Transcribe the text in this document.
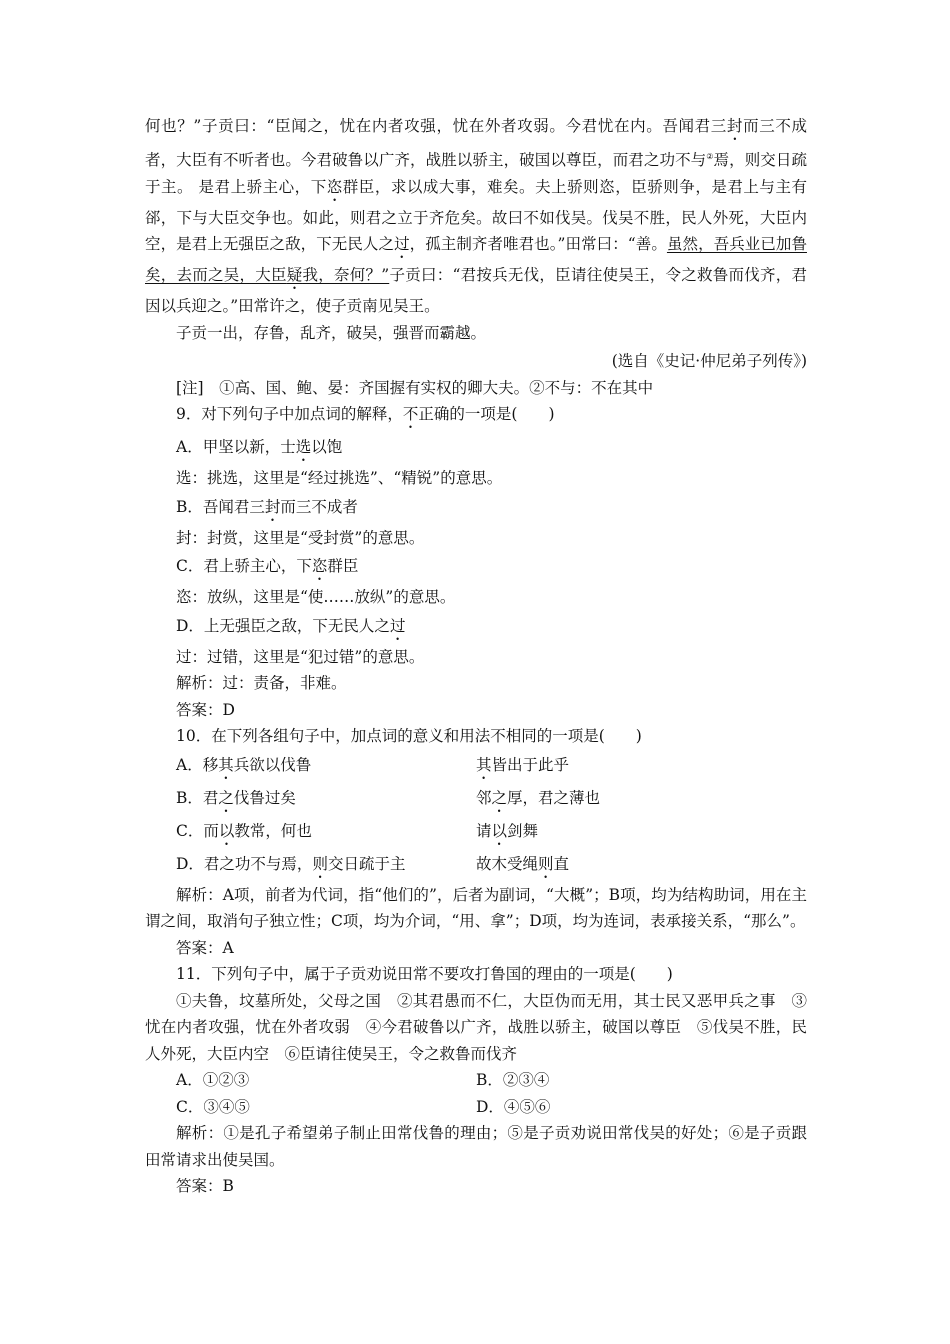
何也？”子贡曰：“臣闻之，忧在内者攻强，忧在外者攻弱。今君忧在内。吾闻君三封而三不成者，大臣有不听者也。今君破鲁以广齐，战胜以骄主，破国以尊臣，而君之功不与②焉，则交日疏于主。 是君上骄主心，下恣群臣，求以成大事，难矣。夫上骄则恣，臣骄则争，是君上与主有郤，下与大臣交争也。如此，则君之立于齐危矣。故曰不如伐吴。伐吴不胜，民人外死，大臣内空，是君上无强臣之敌，下无民人之过，孤主制齐者唯君也。”田常曰：“善。虽然，吾兵业已加鲁矣，去而之吴，大臣疑我，奈何？”子贡曰：“君按兵无伐，臣请往使吴王，令之救鲁而伐齐，君因以兵迎之。”田常许之，使子贡南见吴王。

子贡一出，存鲁，乱齐，破吴，强晋而霸越。

(选自《史记·仲尼弟子列传》)

[注]　①高、国、鲍、晏：齐国握有实权的卿大夫。②不与：不在其中

9．对下列句子中加点词的解释，不正确的一项是(　　)

A．甲坚以新，士选以饱

选：挑选，这里是“经过挑选”、“精锐”的意思。

B．吾闻君三封而三不成者

封：封赏，这里是“受封赏”的意思。

C．君上骄主心，下恣群臣

恣：放纵，这里是“使……放纵”的意思。

D．上无强臣之敌，下无民人之过

过：过错，这里是“犯过错”的意思。

解析：过：责备，非难。

答案：D

10．在下列各组句子中，加点词的意义和用法不相同的一项是(　　)

A．移其兵欲以伐鲁	其皆出于此乎
B．君之伐鲁过矣	邻之厚，君之薄也
C．而以教常，何也	请以剑舞
D．君之功不与焉，则交日疏于主	故木受绳则直

解析：A项，前者为代词，指“他们的”，后者为副词，“大概”；B项，均为结构助词，用在主谓之间，取消句子独立性；C项，均为介词，“用、拿”；D项，均为连词，表承接关系，“那么”。

答案：A

11．下列句子中，属于子贡劝说田常不要攻打鲁国的理由的一项是(　　)

①夫鲁，坟墓所处，父母之国　②其君愚而不仁，大臣伪而无用，其士民又恶甲兵之事　③忧在内者攻强，忧在外者攻弱　④今君破鲁以广齐，战胜以骄主，破国以尊臣　⑤伐吴不胜，民人外死，大臣内空　⑥臣请往使吴王，令之救鲁而伐齐

A．①②③	B．②③④
C．③④⑤	D．④⑤⑥

解析：①是孔子希望弟子制止田常伐鲁的理由；⑤是子贡劝说田常伐吴的好处；⑥是子贡跟田常请求出使吴国。

答案：B
